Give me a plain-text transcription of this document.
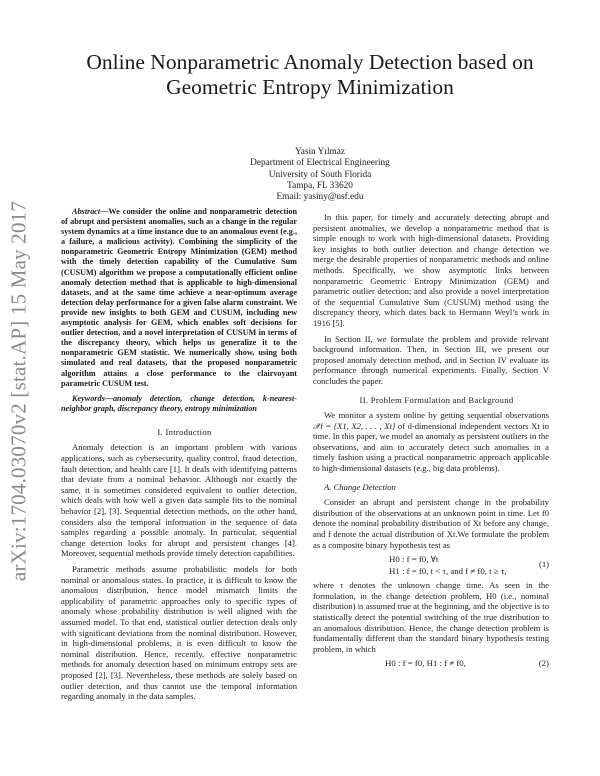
arXiv:1704.03070v2 [stat.AP] 15 May 2017
Online Nonparametric Anomaly Detection based on
Geometric Entropy Minimization
Yasin Yılmaz
Department of Electrical Engineering
University of South Florida
Tampa, FL 33620
Email: yasiny@usf.edu

Abstract—We consider the online and nonparametric detection of abrupt and persistent anomalies, such as a change in the regular system dynamics at a time instance due to an anomalous event (e.g., a failure, a malicious activity). Combining the simplicity of the nonparametric Geometric Entropy Minimization (GEM) method with the timely detection capability of the Cumulative Sum (CUSUM) algorithm we propose a computationally efficient online anomaly detection method that is applicable to high-dimensional datasets, and at the same time achieve a near-optimum average detection delay performance for a given false alarm constraint. We provide new insights to both GEM and CUSUM, including new asymptotic analysis for GEM, which enables soft decisions for outlier detection, and a novel interpretation of CUSUM in terms of the discrepancy theory, which helps us generalize it to the nonparametric GEM statistic. We numerically show, using both simulated and real datasets, that the proposed nonparametric algorithm attains a close performance to the clairvoyant parametric CUSUM test.

Keywords—anomaly detection, change detection, k-nearest-neighbor graph, discrepancy theory, entropy minimization

I. Introduction

Anomaly detection is an important problem with various applications, such as cybersecurity, quality control, fraud detection, fault detection, and health care [1]. It deals with identifying patterns that deviate from a nominal behavior. Although not exactly the same, it is sometimes considered equivalent to outlier detection, which deals with how well a given data sample fits to the nominal behavior [2], [3]. Sequential detection methods, on the other hand, considers also the temporal information in the sequence of data samples regarding a possible anomaly. In particular, sequential change detection looks for abrupt and persistent changes [4]. Moreover, sequential methods provide timely detection capabilities.

Parametric methods assume probabilistic models for both nominal or anomalous states. In practice, it is difficult to know the anomalous distribution, hence model mismatch limits the applicability of parametric approaches only to specific types of anomaly whose probability distribution is well aligned with the assumed model. To that end, statistical outlier detection deals only with significant deviations from the nominal distribution. However, in high-dimensional problems, it is even difficult to know the nominal distribution. Hence, recently, effective nonparametric methods for anomaly detection based on minimum entropy sets are proposed [2], [3]. Nevertheless, these methods are solely based on outlier detection, and thus cannot use the temporal information regarding anomaly in the data samples.

In this paper, for timely and accurately detecting abrupt and persistent anomalies, we develop a nonparametric method that is simple enough to work with high-dimensional datasets. Providing key insights to both outlier detection and change detection we merge the desirable properties of nonparametric methods and online methods. Specifically, we show asymptotic links between nonparametric Geometric Entropy Minimization (GEM) and parametric outlier detection; and also provide a novel interpretation of the sequential Cumulative Sum (CUSUM) method using the discrepancy theory, which dates back to Hermann Weyl’s work in 1916 [5].

In Section II, we formulate the problem and provide relevant background information. Then, in Section III, we present our proposed anomaly detection method, and in Section IV evaluate its performance through numerical experiments. Finally, Section V concludes the paper.

II. Problem Formulation and Background

We monitor a system online by getting sequential observations 𝒳t = {X1, X2, . . . , Xt} of d-dimensional independent vectors Xt in time. In this paper, we model an anomaly as persistent outliers in the observations, and aim to accurately detect such anomalies in a timely fashion using a practical nonparametric approach applicable to high-dimensional datasets (e.g., big data problems).

A. Change Detection

Consider an abrupt and persistent change in the probability distribution of the observations at an unknown point in time. Let f0 denote the nominal probability distribution of Xt before any change, and f denote the actual distribution of Xt.We formulate the problem as a composite binary hypothesis test as

H0 : f = f0, ∀t
H1 : f = f0, t < τ, and f ≠ f0, t ≥ τ,
(1)

where τ denotes the unknown change time. As seen in the formulation, in the change detection problem, H0 (i.e., nominal distribution) is assumed true at the beginning, and the objective is to statistically detect the potential switching of the true distribution to an anomalous distribution. Hence, the change detection problem is fundamentally different than the standard binary hypothesis testing problem, in which

H0 : f = f0, H1 : f ≠ f0,	(2)
